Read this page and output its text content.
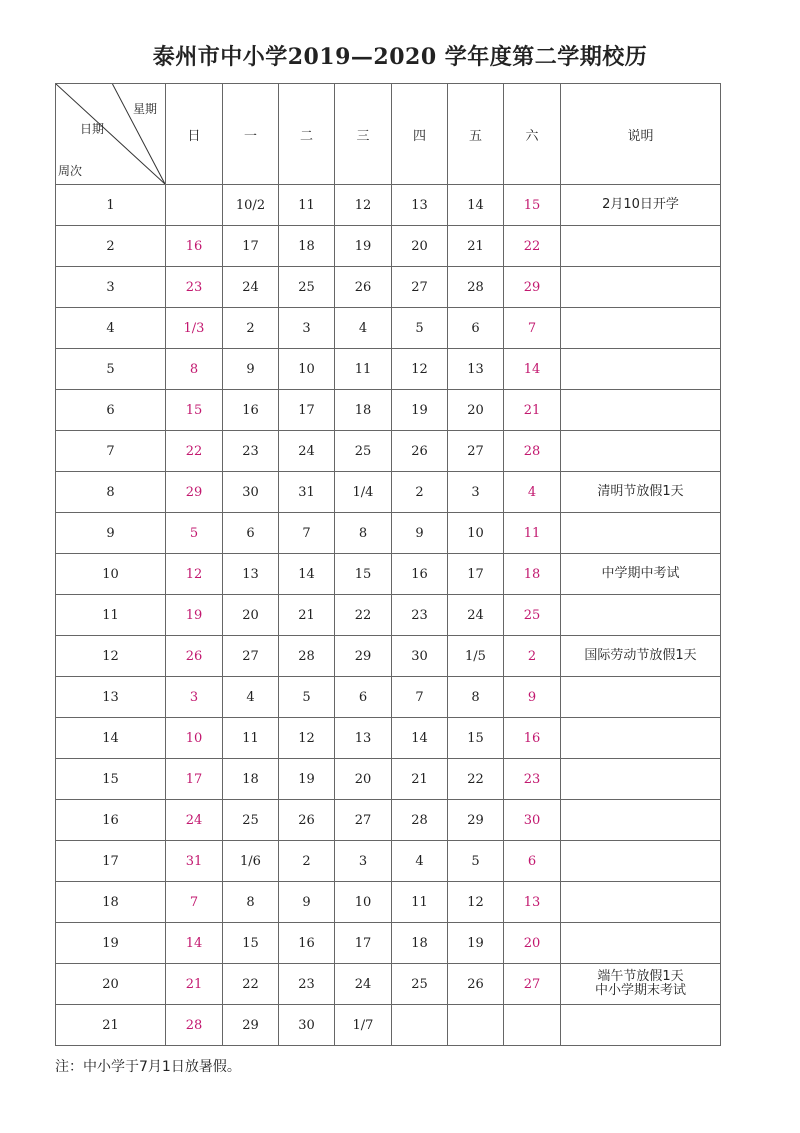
泰州市中小学2019—2020 学年度第二学期校历
星期
日期
周次	日	一	二	三	四	五	六	说明
1		10/2	11	12	13	14	15	2月10日开学

2	16	17	18	19	20	21	22	
3	23	24	25	26	27	28	29	
4	1/3	2	3	4	5	6	7	
5	8	9	10	11	12	13	14	
6	15	16	17	18	19	20	21	
7	22	23	24	25	26	27	28	
8	29	30	31	1/4	2	3	4	清明节放假1天

9	5	6	7	8	9	10	11	
10	12	13	14	15	16	17	18	中学期中考试

11	19	20	21	22	23	24	25	
12	26	27	28	29	30	1/5	2	国际劳动节放假1天

13	3	4	5	6	7	8	9	
14	10	11	12	13	14	15	16	
15	17	18	19	20	21	22	23	
16	24	25	26	27	28	29	30	
17	31	1/6	2	3	4	5	6	
18	7	8	9	10	11	12	13	
19	14	15	16	17	18	19	20	
20	21	22	23	24	25	26	27	端午节放假1天
中小学期末考试

21	28	29	30	1/7				
注：中小学于7月1日放暑假。
